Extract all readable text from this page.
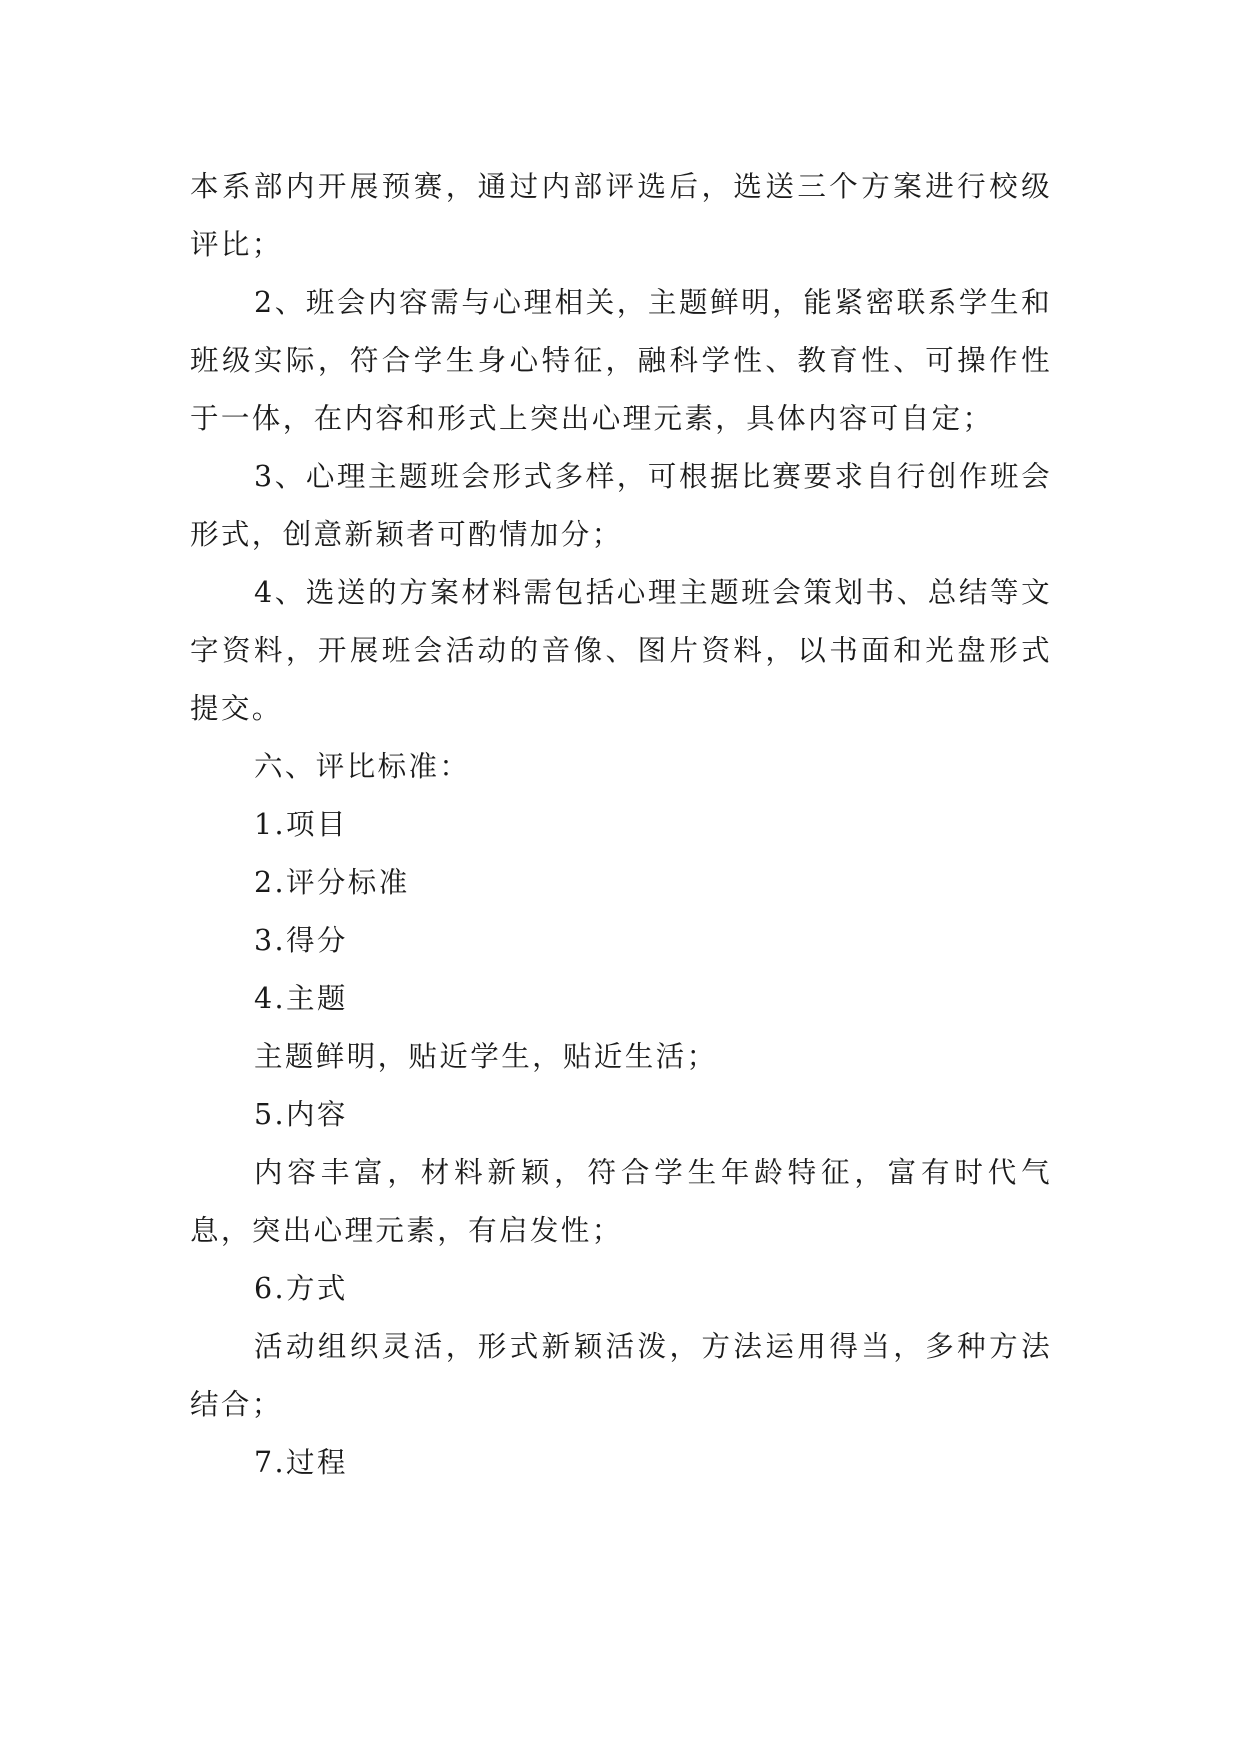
本系部内开展预赛，通过内部评选后，选送三个方案进行校级评比；

2、班会内容需与心理相关，主题鲜明，能紧密联系学生和班级实际，符合学生身心特征，融科学性、教育性、可操作性于一体，在内容和形式上突出心理元素，具体内容可自定；

3、心理主题班会形式多样，可根据比赛要求自行创作班会形式，创意新颖者可酌情加分；

4、选送的方案材料需包括心理主题班会策划书、总结等文字资料，开展班会活动的音像、图片资料，以书面和光盘形式提交。

六、评比标准：

1.项目

2.评分标准

3.得分

4.主题

主题鲜明，贴近学生，贴近生活；

5.内容

内容丰富，材料新颖，符合学生年龄特征，富有时代气息，突出心理元素，有启发性；

6.方式

活动组织灵活，形式新颖活泼，方法运用得当，多种方法结合；

7.过程
